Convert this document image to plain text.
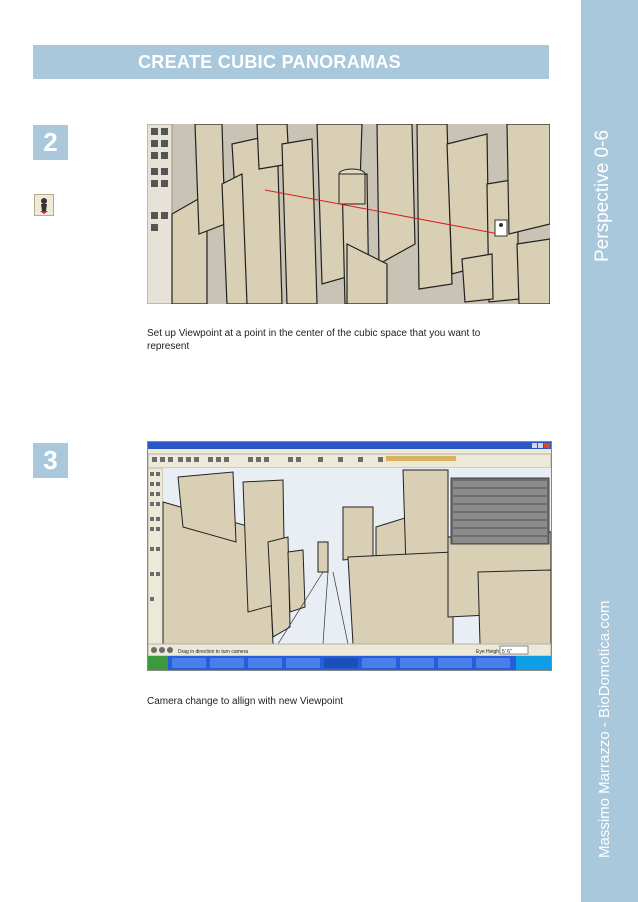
CREATE CUBIC PANORAMAS
Perspective 0-6
Massimo Marrazzo - BioDomotica.com
2
Set up Viewpoint at a point in the center of the cubic space that you want to
represent
3
Drag in direction to turn camera	Eye Height 5' 6"
Camera change to allign with new Viewpoint
